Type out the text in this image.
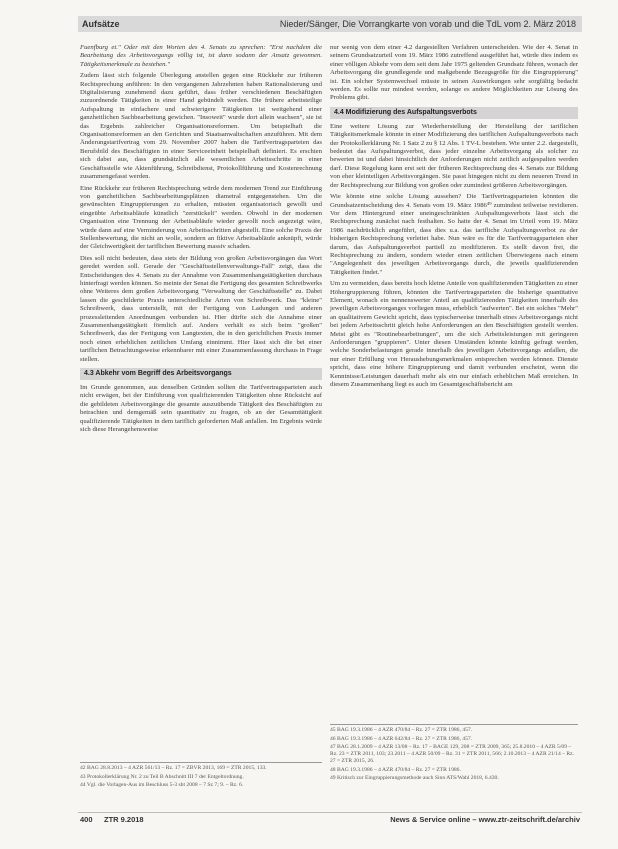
Aufsätze	Nieder/Sänger, Die Vorrangkarte von vorab und die TdL vom 2. März 2018

Fuenfburg et." Oder mit den Worten des 4. Senats zu sprechen: "Erst nachdem die Bearbeitung des Arbeitsvorgangs völlig ist, ist dann sodann der Ansatz gewonnen. Tätigkeitsmerkmale zu bestehen."

Zudem lässt sich folgende Überlegung anstellen gegen eine Rückkehr zur früheren Rechtsprechung anführen: In den vergangenen Jahrzehnten haben Rationalisierung und Digitalisierung zunehmend dazu geführt, dass früher verschiedenen Beschäftigten zuzuordnende Tätigkeiten in einer Hand gebündelt werden. Die frühere arbeitsteilige Aufspaltung in einfachere und schwierigere Tätigkeiten ist weitgehend einer ganzheitlichen Sachbearbeitung gewichen. "Insoweit" wurde dort allein wachsen", sie ist das Ergebnis zahlreicher Organisationsreformen. Um beispielhaft die Organisationsreformen an den Gerichten und Staatsanwaltschaften anzuführen. Mit dem Änderungstarifvertrag vom 29. November 2007 haben die Tarifvertragsparteien das Berufsbild des Beschäftigten in einer Serviceeinheit beispielhaft definiert. Es erschien sich dabei aus, dass grundsätzlich alle wesentlichen Arbeitsschritte in einer Geschäftsstelle wie Aktenführung, Schreibdienst, Protokollführung und Kostenrechnung zusammengefasst werden.

Eine Rückkehr zur früheren Rechtsprechung würde dem modernen Trend zur Einführung von ganzheitlichen Sachbearbeitungsplätzen diametral entgegenstehen. Um die gewünschten Eingruppierungen zu erhalten, müssten organisatorisch gewollt und eingeübte Arbeitsabläufe künstlich "zerstückelt" werden. Obwohl in der modernen Organisation eine Trennung der Arbeitsabläufe wieder gewollt noch angezeigt wäre, würde dann auf eine Verminderung von Arbeitsschritten abgestellt. Eine solche Praxis der Stellenbewertung, die nicht an wolle, sondern an fiktive Arbeitsabläufe anknüpft, würde der Gleichwertigkeit der tariflichen Bewertung massiv schaden.

Dies soll nicht bedeuten, dass stets der Bildung von großen Arbeitsvorgängen das Wort geredet werden soll. Gerade der "Geschäftsstellenverwaltungs-Fall" zeigt, dass die Entscheidungen des 4. Senats zu der Annahme von Zusammenhangstätigkeiten durchaus hinterfragt werden können. So meinte der Senat die Fertigung des gesamten Schreibwerks ohne Weiteres dem großen Arbeitsvorgang "Verwaltung der Geschäftsstelle" zu. Dabei lassen die geschilderte Praxis unterschiedliche Arten von Schreibwerk. Das "kleine" Schreibwerk, dass unterstellt, mit der Fertigung von Ladungen und anderen prozessleitenden Anordnungen verbunden ist. Hier dürfte sich die Annahme einer Zusammenhangstätigkeit förmlich auf. Anders verhält es sich beim "großen" Schreibwerk, das der Fertigung von Langtexten, die in den gerichtlichen Praxis immer noch einen erheblichen zeitlichen Umfang einnimmt. Hier lässt sich die bei einer tariflichen Betrachtungsweise erkennbarer mit einer Zusammenfassung durchaus in Frage stellen.

4.3 Abkehr vom Begriff des Arbeitsvorgangs

Im Grunde genommen, aus denselben Gründen sollten die Tarifvertragsparteien auch nicht erwägen, bei der Einführung von qualifizierenden Tätigkeiten ohne Rücksicht auf die gebildeten Arbeitsvorgänge die gesamte auszuübende Tätigkeit des Beschäftigten zu betrachten und demgemäß sein quantitativ zu fragen, ob an der Gesamttätigkeit qualifizierende Tätigkeiten in dem tariflich geforderten Maß anfallen. Im Ergebnis würde sich diese Herangehensweise

42 BAG 28.8.2013 – 4 AZR 561/13 – Rz. 17 = ZBVR 2013, 169 = ZTR 2015, 133.

43 Protokollerklärung Nr. 2 zu Teil B Abschnitt III 7 der Entgeltordnung.

44 Vgl. die Vorlagen-Aus im Beschluss 5-3 sbt 2008 – 7 Sz 7; 9. – Rz. 6.

nur wenig von dem einer 4.2 dargestellten Verfahren unterscheiden. Wie der 4. Senat in seinem Grundsatzurteil vom 19. März 1986 zutreffend ausgeführt hat, würde dies indem es einer völligen Abkehr vom dem seit dem Jahr 1975 geltenden Grundsatz führen, wonach der Arbeitsvorgang die grundlegende und maßgebende Bezugsgröße für die Eingruppierung" ist. Ein solcher Systemwechsel müsste in seinen Auswirkungen sehr sorgfältig bedacht werden. Es sollte nur mindest werden, solange es andere Möglichkeiten zur Lösung des Problems gibt.

4.4 Modifizierung des Aufspaltungsverbots

Eine weitere Lösung zur Wiederherstellung der Herstellung der tariflichen Tätigkeitsmerkmale könnte in einer Modifizierung des tariflichen Aufspaltungsverbots nach der Protokollerklärung Nr. 1 Satz 2 zu § 12 Abs. 1 TV-L bestehen. Wie unter 2.2. dargestellt, bedeutet das Aufspaltungsverbot, dass jeder einzelne Arbeitsvorgang als solcher zu bewerten ist und dabei hinsichtlich der Anforderungen nicht zeitlich aufgespalten werden darf. Diese Regelung kann erst seit der früheren Rechtsprechung des 4. Senats zur Bildung von eher kleinteiligen Arbeitsvorgängen. Sie passt hingegen nicht zu dem neueren Trend in der Rechtsprechung zur Bildung von großen oder zumindest größeren Arbeitsvorgängen.

Wie könnte eine solche Lösung aussehen? Die Tarifvertragsparteien könnten die Grundsatzentscheidung des 4. Senats vom 19. März 1986⁴⁹ zumindest teilweise revidieren. Vor dem Hintergrund einer uneingeschränkten Aufspaltungsverbots lässt sich die Rechtsprechung zunächst nach festhalten. So hatte der 4. Senat im Urteil vom 19. März 1986 nachdrücklich angeführt, dass dies u.a. das tarifliche Aufspaltungsverbot zu der bisherigen Rechtsprechung verleitet habe. Nun wäre es für die Tarifvertragsparteien eher darum, das Aufspaltungsverbot partiell zu modifizieren. Es stellt davon frei, die Rechtsprechung zu ändern, sondern wieder einen zeitlichen Überwiegens nach einem "Angelegenheit des jeweiligen Arbeitsvorgangs durch, die jeweils qualifizierenden Tätigkeiten findet."

Um zu vermeiden, dass bereits hoch kleine Anteile von qualifizierenden Tätigkeiten zu einer Höhergruppierung führen, könnten die Tarifvertragsparteien die bisherige quantitative Element, wonach ein nennenswerter Anteil an qualifizierenden Tätigkeiten innerhalb des jeweiligen Arbeitsvorganges vorliegen muss, erheblich "aufwerten". Bei ein solches "Mehr" an qualitativem Gewicht spricht, dass typischerweise innerhalb eines Arbeitsvorgangs nicht bei jedem Arbeitsschritt gleich hohe Anforderungen an den Beschäftigten gestellt werden. Meist gibt es "Routinebearbeitungen", um die sich Arbeitsleistungen mit geringeren Anforderungen "gruppieren". Unter diesen Umständen könnte künftig gefragt werden, welche Sonderbelastungen gerade innerhalb des jeweiligen Arbeitsvorgangs anfallen, die nur einer Erfüllung von Heraushebungsmerkmalen entsprechen werden können. Dienste spricht, dass eine höhere Eingruppierung und damit verbunden erscheint, wenn die Kenntnisse/Leistungen dauerhaft mehr als ein nur einfach erheblichen Maß erreichen. In diesem Zusammenhang liegt es auch im Gesamtgeschäftsbericht am

45 BAG 19.3.1986 – 4 AZR 470/84 – Rz. 27 = ZTR 1986, 457.

46 BAG 19.3.1986 – 4 AZR 642/84 – Rz. 27 = ZTR 1986, 457.

47 BAG 28.1.2009 – 4 AZR 13/08 – Rz. 17 – BAGE 129, 208 = ZTR 2009, 365; 25.8.2010 – 4 AZR 5/09 – Rz. 23 = ZTR 2011, 103; 23.2011 – 4 AZR 50/09 – Rz. 31 = ZTR 2011, 566; 2.10.2013 – 4 AZR 21/14 – Rz. 27 = ZTR 2015, 26.

48 BAG 19.3.1986 – 4 AZR 470/84 – Rz. 27 = ZTR 1986.

49 Kritisch zur Eingruppierungsmethode auch Sinn ATS/Wahl 2018, 6.430.

400 ZTR 9.2018	News & Service online – www.ztr-zeitschrift.de/archiv
